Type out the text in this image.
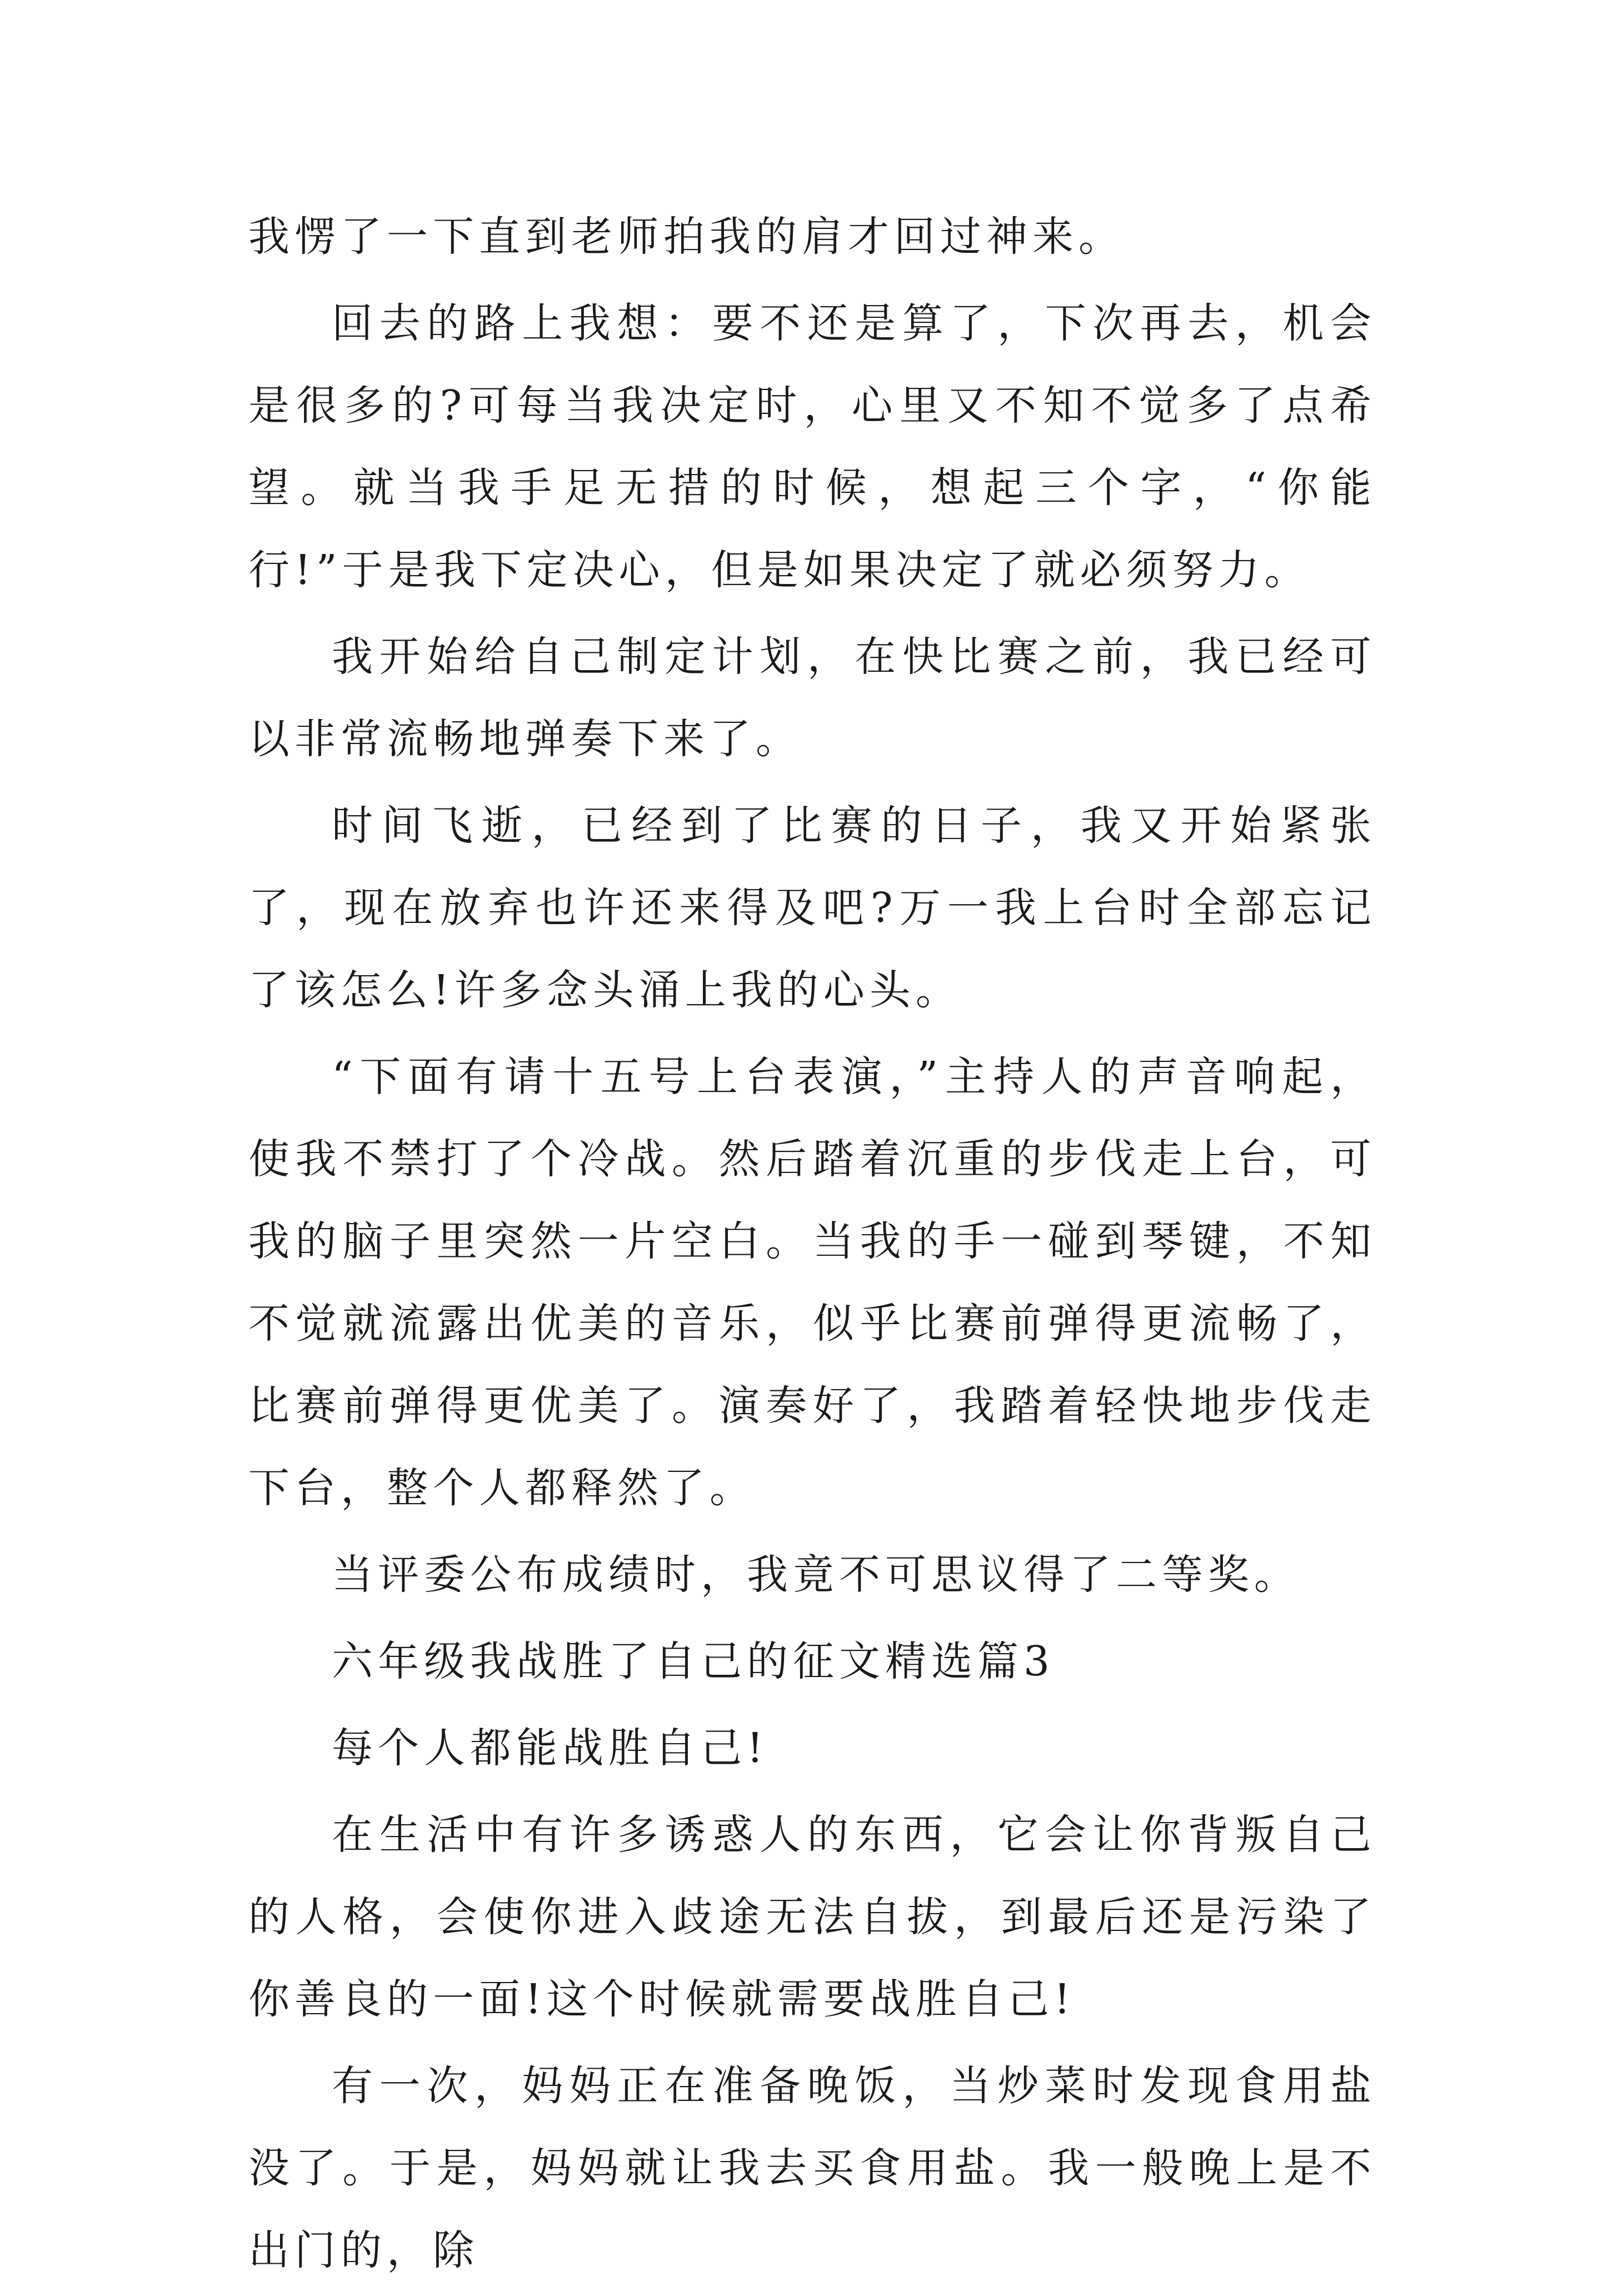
我愣了一下直到老师拍我的肩才回过神来。

回去的路上我想：要不还是算了，下次再去，机会是很多的?可每当我决定时，心里又不知不觉多了点希望。就当我手足无措的时候，想起三个字，“你能行!”于是我下定决心，但是如果决定了就必须努力。

我开始给自己制定计划，在快比赛之前，我已经可以非常流畅地弹奏下来了。

时间飞逝，已经到了比赛的日子，我又开始紧张了，现在放弃也许还来得及吧?万一我上台时全部忘记了该怎么!许多念头涌上我的心头。

“下面有请十五号上台表演，”主持人的声音响起，使我不禁打了个冷战。然后踏着沉重的步伐走上台，可我的脑子里突然一片空白。当我的手一碰到琴键，不知不觉就流露出优美的音乐，似乎比赛前弹得更流畅了，比赛前弹得更优美了。演奏好了，我踏着轻快地步伐走下台，整个人都释然了。

当评委公布成绩时，我竟不可思议得了二等奖。

六年级我战胜了自己的征文精选篇3

每个人都能战胜自己!

在生活中有许多诱惑人的东西，它会让你背叛自己的人格，会使你进入歧途无法自拔，到最后还是污染了你善良的一面!这个时候就需要战胜自己!

有一次，妈妈正在准备晚饭，当炒菜时发现食用盐没了。于是，妈妈就让我去买食用盐。我一般晚上是不出门的，除
